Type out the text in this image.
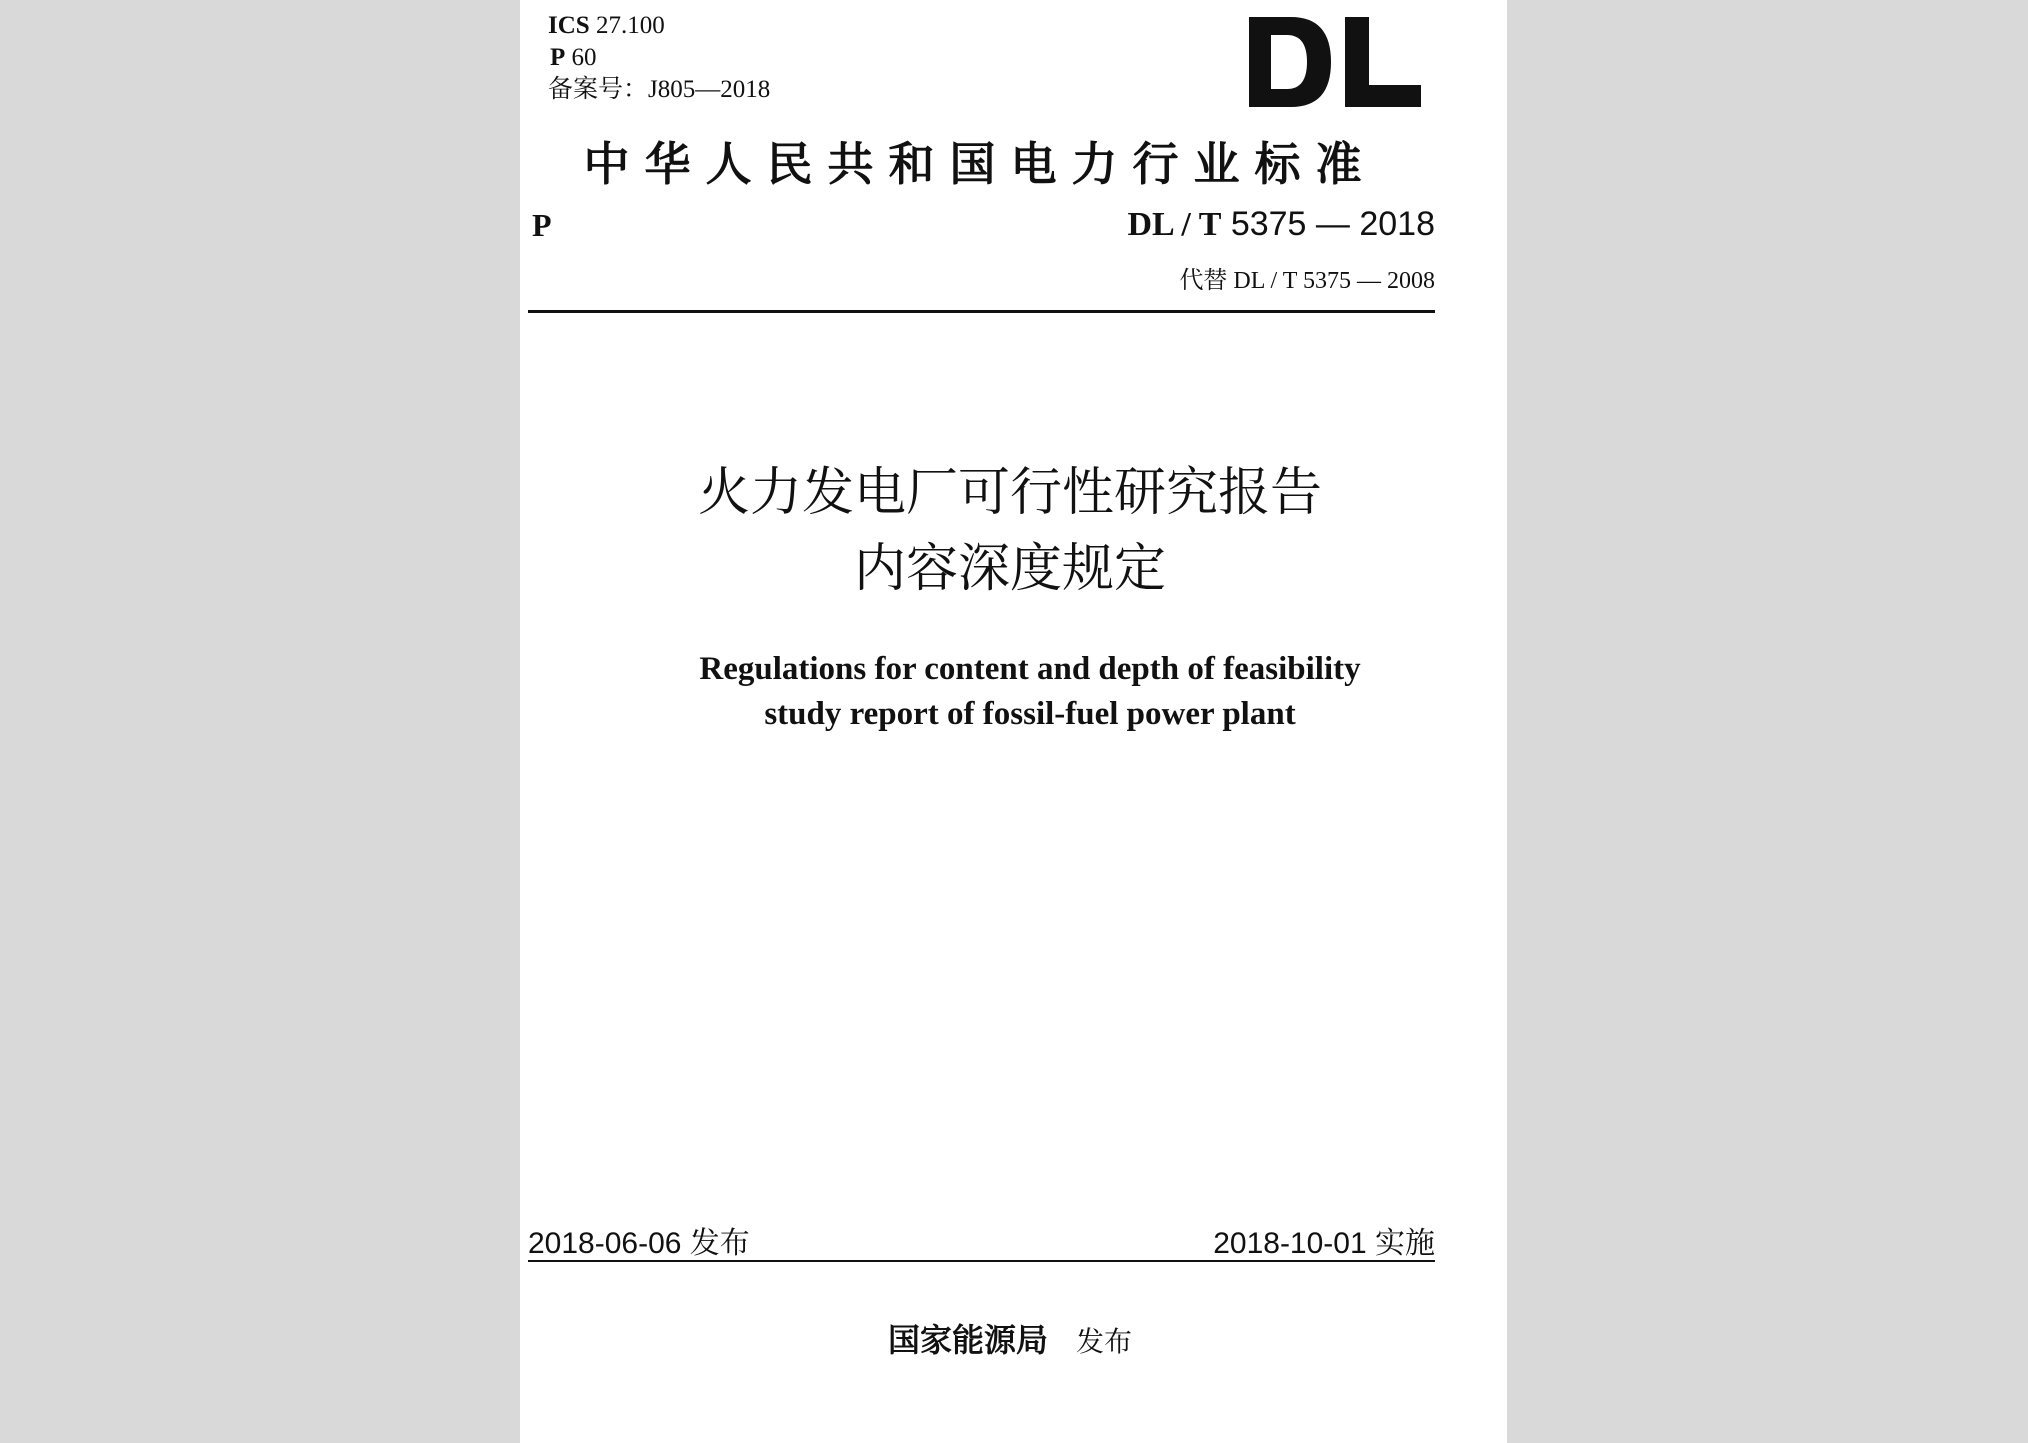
ICS 27.100
P 60
备案号：J805—2018
中华人民共和国电力行业标准
P	DL / T 5375 — 2018
代替 DL / T 5375 — 2008
火力发电厂可行性研究报告
内容深度规定
Regulations for content and depth of feasibility
study report of fossil-fuel power plant
2018-06-06 发布	2018-10-01 实施
国家能源局 发布
